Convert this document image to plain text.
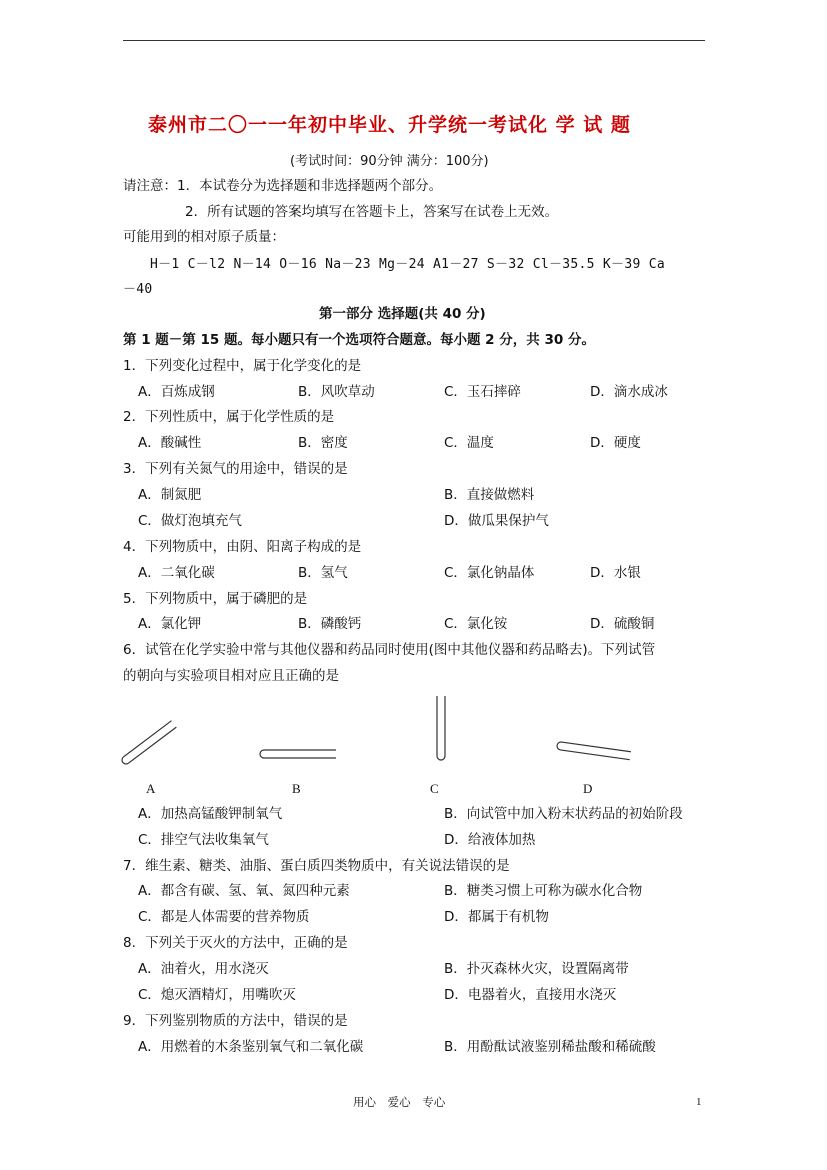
泰州市二〇一一年初中毕业、升学统一考试化 学 试 题
(考试时间：90分钟 满分：100分)
请注意：1．本试卷分为选择题和非选择题两个部分。
2．所有试题的答案均填写在答题卡上，答案写在试卷上无效。
可能用到的相对原子质量：
H－1 C－l2 N－14 O－16 Na－23 Mg－24 A1－27 S－32 Cl－35.5 K－39 Ca
－40
第一部分 选择题(共 40 分)
第 1 题－第 15 题。每小题只有一个选项符合题意。每小题 2 分，共 30 分。
1．下列变化过程中，属于化学变化的是
A．百炼成钢	B．风吹草动	C．玉石摔碎	D．滴水成冰
2．下列性质中，属于化学性质的是
A．酸碱性	B．密度	C．温度	D．硬度
3．下列有关氮气的用途中，错误的是
A．制氮肥	B．直接做燃料
C．做灯泡填充气	D．做瓜果保护气
4．下列物质中，由阴、阳离子构成的是
A．二氧化碳	B．氢气	C．氯化钠晶体	D．水银
5．下列物质中，属于磷肥的是
A．氯化钾	B．磷酸钙	C．氯化铵	D．硫酸铜
6．试管在化学实验中常与其他仪器和药品同时使用(图中其他仪器和药品略去)。下列试管
的朝向与实验项目相对应且正确的是
A	B	C	D
A．加热高锰酸钾制氧气	B．向试管中加入粉末状药品的初始阶段
C．排空气法收集氧气	D．给液体加热
7．维生素、糖类、油脂、蛋白质四类物质中，有关说法错误的是
A．都含有碳、氢、氧、氮四种元素	B．糖类习惯上可称为碳水化合物
C．都是人体需要的营养物质	D．都属于有机物
8．下列关于灭火的方法中，正确的是
A．油着火，用水浇灭	B．扑灭森林火灾，设置隔离带
C．熄灭酒精灯，用嘴吹灭	D．电器着火，直接用水浇灭
9．下列鉴别物质的方法中，错误的是
A．用燃着的木条鉴别氧气和二氧化碳	B．用酚酞试液鉴别稀盐酸和稀硫酸
用心 爱心 专心	1
